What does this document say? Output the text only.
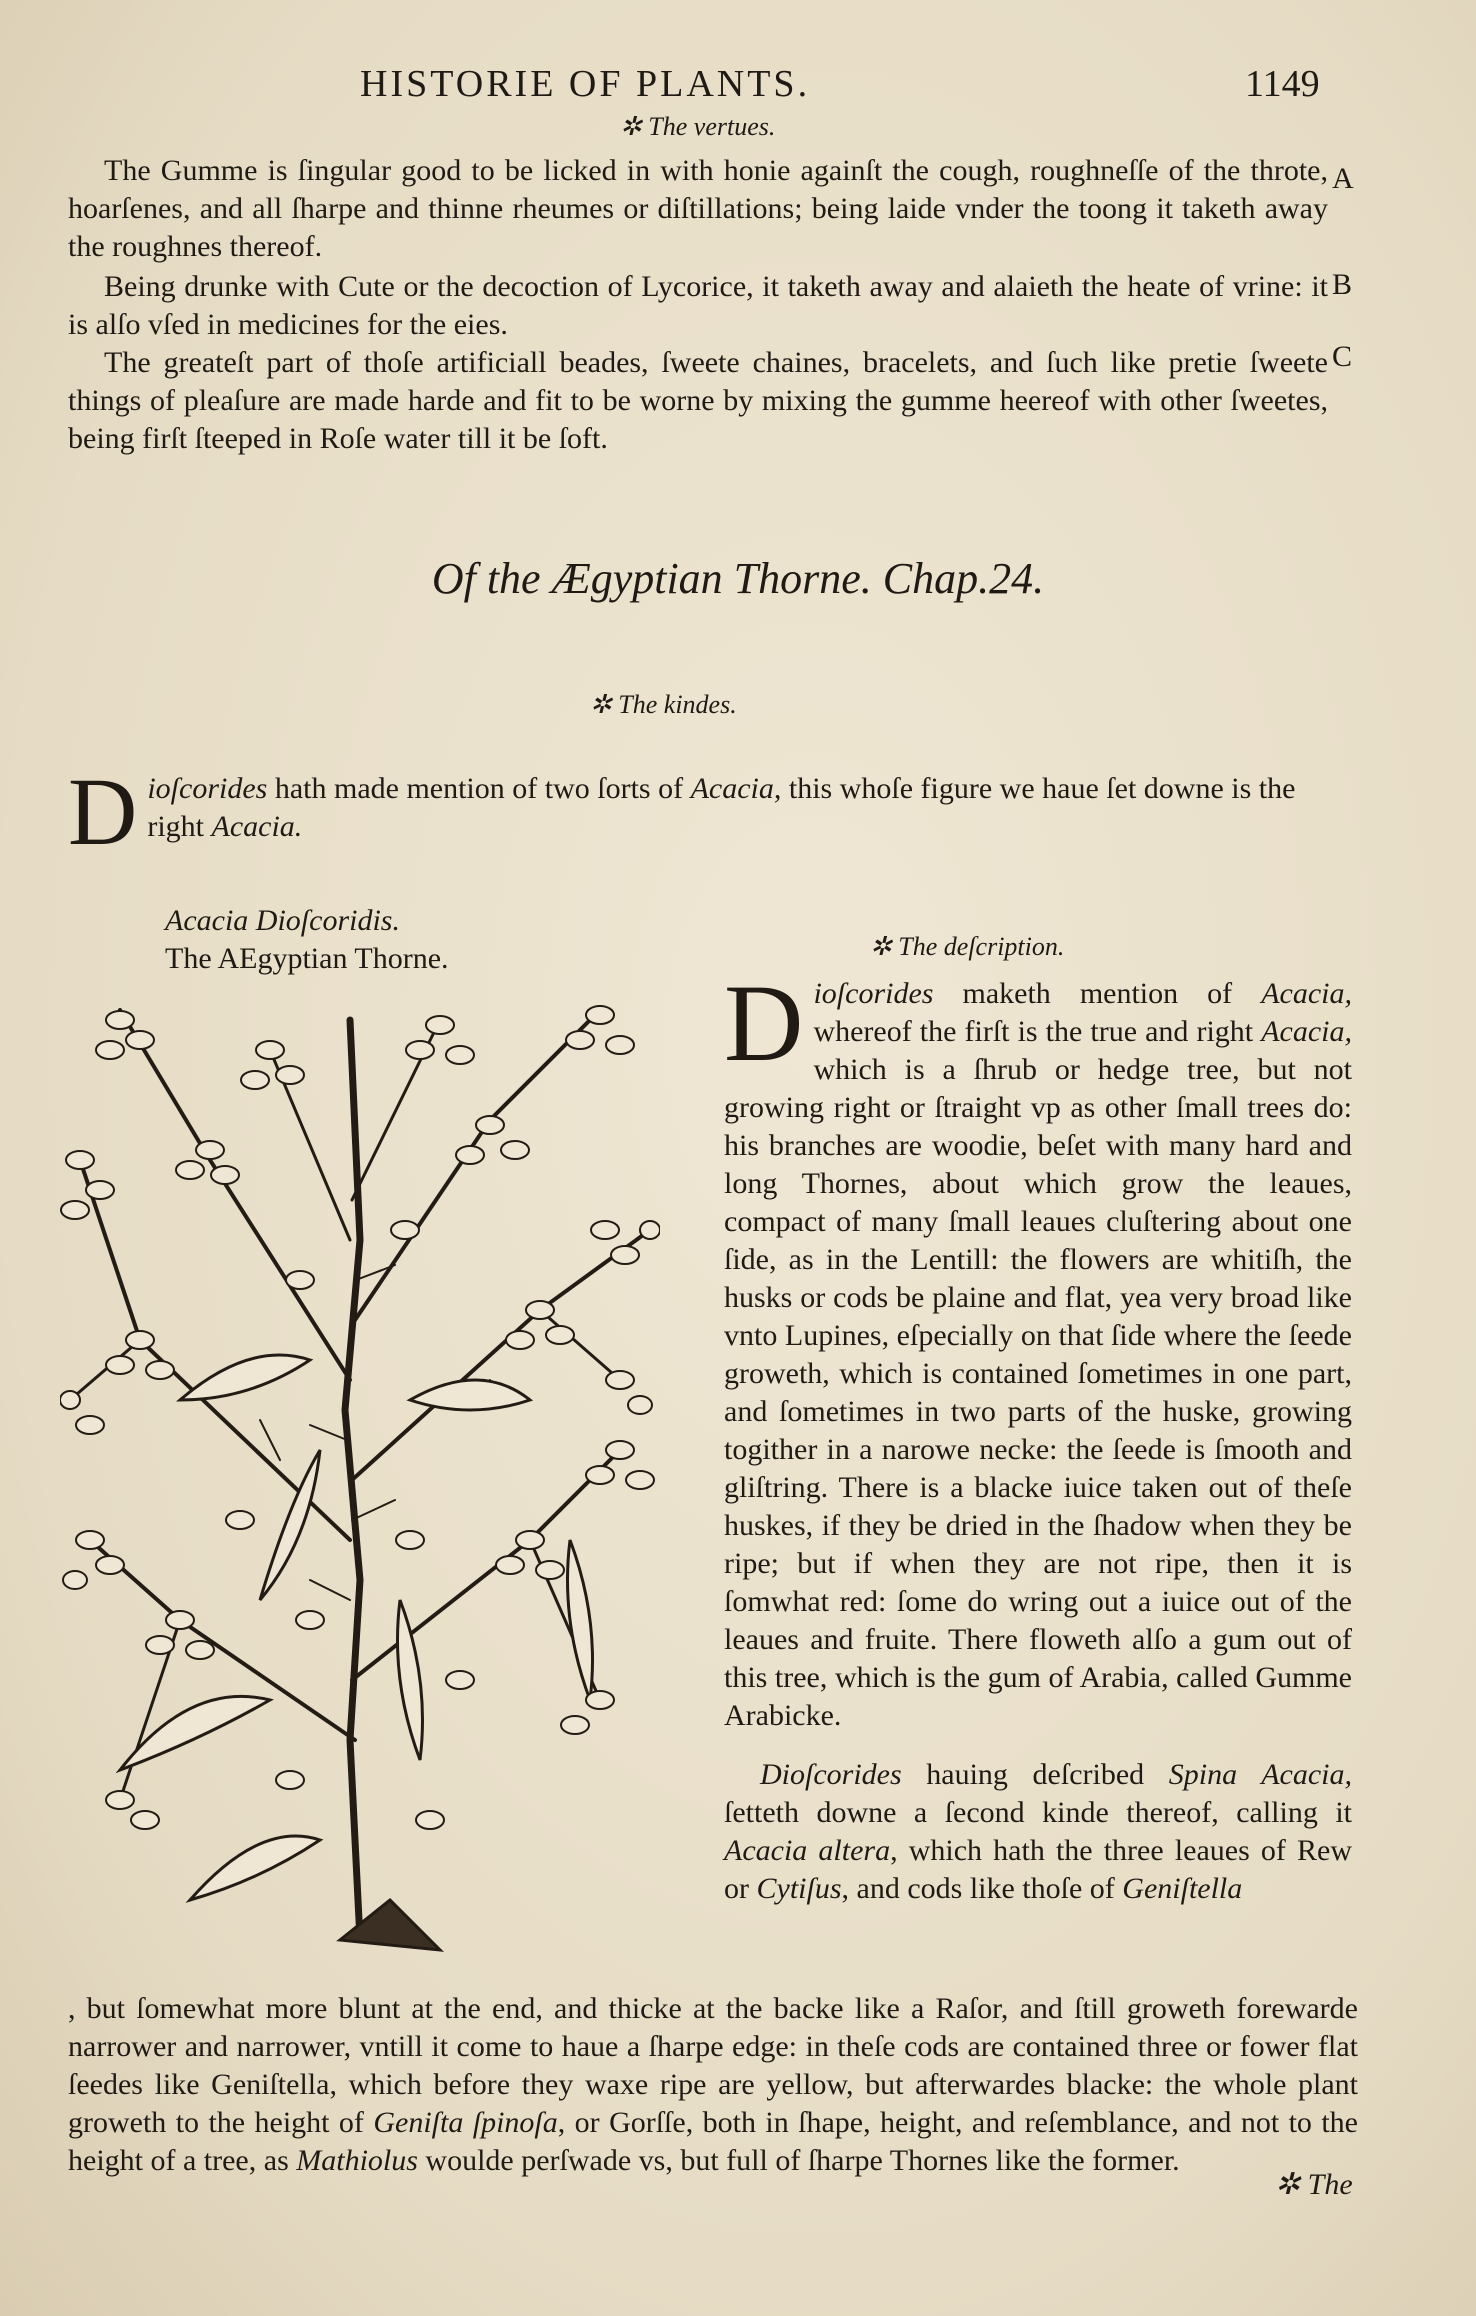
HISTORIE OF PLANTS.	1149
✲ The vertues.

The Gumme is ſingular good to be licked in with honie againſt the cough, roughneſſe of the throte, hoarſenes, and all ſharpe and thinne rheumes or diſtillations; being laide vnder the toong it taketh away the roughnes thereof.

Being drunke with Cute or the decoction of Lycorice, it taketh away and alaieth the heate of vrine: it is alſo vſed in medicines for the eies.

The greateſt part of thoſe artificiall beades, ſweete chaines, bracelets, and ſuch like pretie ſweete things of pleaſure are made harde and fit to be worne by mixing the gumme heereof with other ſweetes, being firſt ſteeped in Roſe water till it be ſoft.

A
B
C
Of the Ægyptian Thorne. Chap.24.
✲ The kindes.
D ioſcorides hath made mention of two ſorts of Acacia, this whoſe figure we haue ſet downe is the right Acacia.
Acacia Dioſcoridis.
The AEgyptian Thorne.	✲ The deſcription.
D ioſcorides maketh mention of Acacia, whereof the firſt is the true and right Acacia, which is a ſhrub or hedge tree, but not growing right or ſtraight vp as other ſmall trees do: his branches are woodie, beſet with many hard and long Thornes, about which grow the leaues, compact of many ſmall leaues cluſtering about one ſide, as in the Lentill: the flowers are whitiſh, the husks or cods be plaine and flat, yea very broad like vnto Lupines, eſpecially on that ſide where the ſeede groweth, which is contained ſometimes in one part, and ſometimes in two parts of the huske, growing togither in a narowe necke: the ſeede is ſmooth and gliſtring. There is a blacke iuice taken out of theſe huskes, if they be dried in the ſhadow when they be ripe; but if when they are not ripe, then it is ſomwhat red: ſome do wring out a iuice out of the leaues and fruite. There floweth alſo a gum out of this tree, which is the gum of Arabia, called Gumme Arabicke.

Dioſcorides hauing deſcribed Spina Acacia, ſetteth downe a ſecond kinde thereof, calling it Acacia altera, which hath the three leaues of Rew or Cytiſus, and cods like thoſe of Geniſtella

, but ſomewhat more blunt at the end, and thicke at the backe like a Raſor, and ſtill groweth forewarde narrower and narrower, vntill it come to haue a ſharpe edge: in theſe cods are contained three or fower flat ſeedes like Geniſtella, which before they waxe ripe are yellow, but afterwardes blacke: the whole plant groweth to the height of Geniſta ſpinoſa, or Gorſſe, both in ſhape, height, and reſemblance, and not to the height of a tree, as Mathiolus woulde perſwade vs, but full of ſharpe Thornes like the former.
✲ The
